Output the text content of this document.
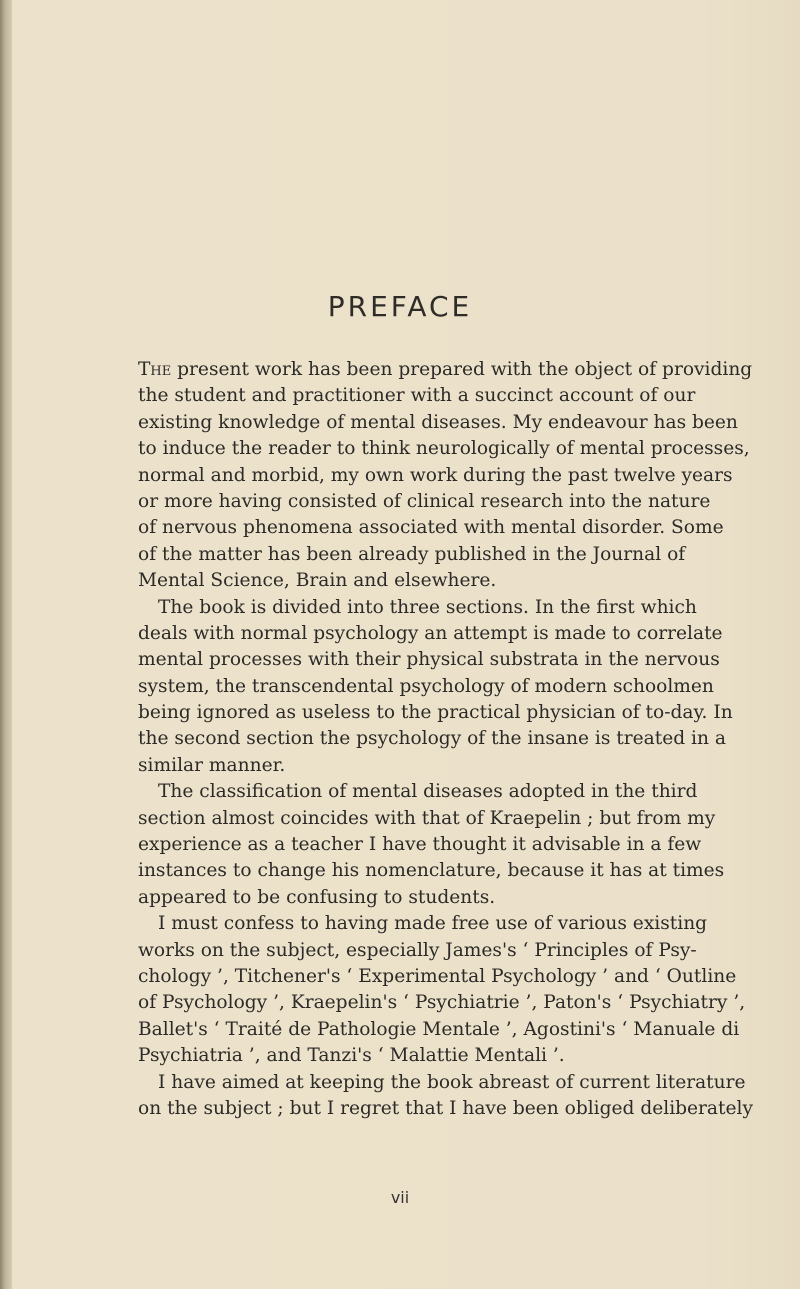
PREFACE
The present work has been prepared with the object of providing
the student and practitioner with a succinct account of our
existing knowledge of mental diseases. My endeavour has been
to induce the reader to think neurologically of mental processes,
normal and morbid, my own work during the past twelve years
or more having consisted of clinical research into the nature
of nervous phenomena associated with mental disorder. Some
of the matter has been already published in the Journal of
Mental Science, Brain and elsewhere.
The book is divided into three sections. In the first which
deals with normal psychology an attempt is made to correlate
mental processes with their physical substrata in the nervous
system, the transcendental psychology of modern schoolmen
being ignored as useless to the practical physician of to-day. In
the second section the psychology of the insane is treated in a
similar manner.
The classification of mental diseases adopted in the third
section almost coincides with that of Kraepelin ; but from my
experience as a teacher I have thought it advisable in a few
instances to change his nomenclature, because it has at times
appeared to be confusing to students.
I must confess to having made free use of various existing
works on the subject, especially James's ‘ Principles of Psy-
chology ’, Titchener's ‘ Experimental Psychology ’ and ‘ Outline
of Psychology ’, Kraepelin's ‘ Psychiatrie ’, Paton's ‘ Psychiatry ’,
Ballet's ‘ Traité de Pathologie Mentale ’, Agostini's ‘ Manuale di
Psychiatria ’, and Tanzi's ‘ Malattie Mentali ’.
I have aimed at keeping the book abreast of current literature
on the subject ; but I regret that I have been obliged deliberately
vii
